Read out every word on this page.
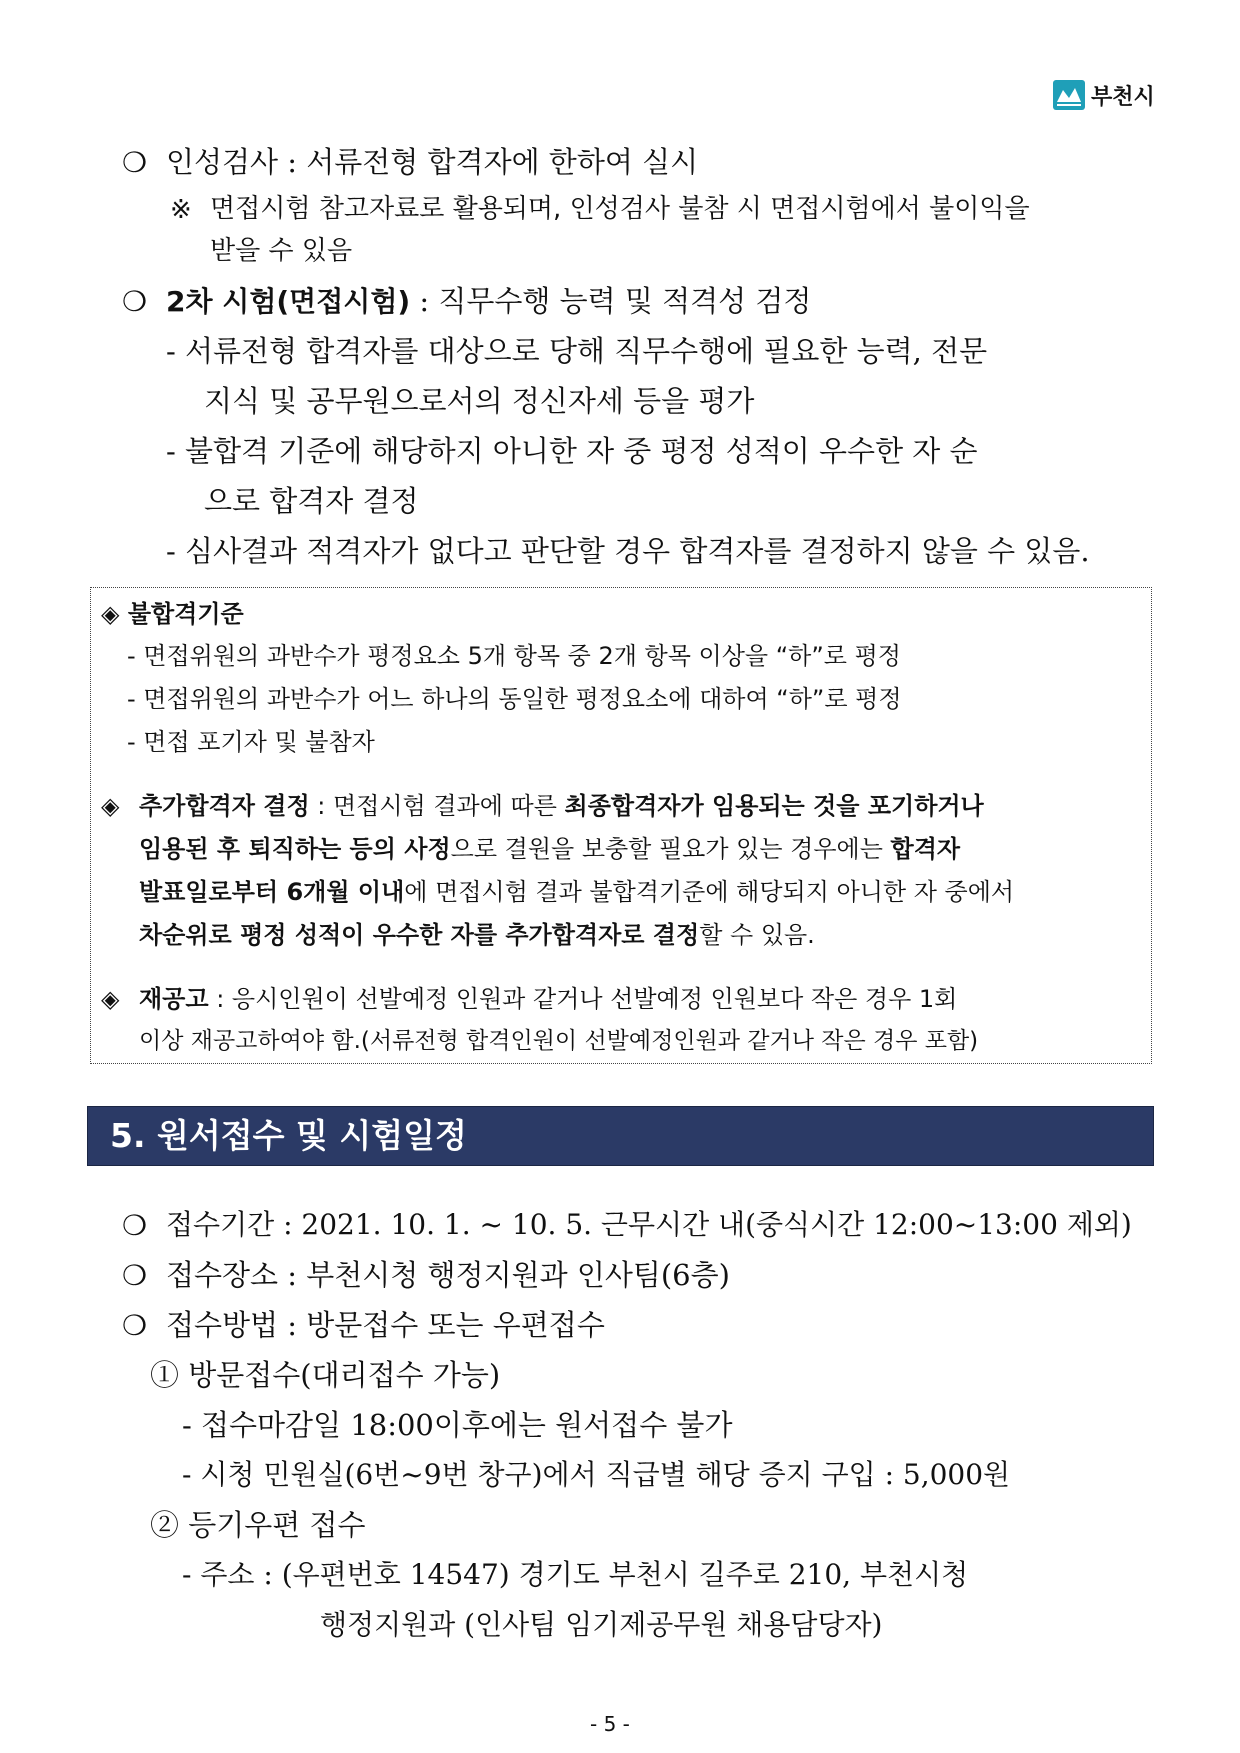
부천시
❍ 인성검사 : 서류전형 합격자에 한하여 실시
※ 면접시험 참고자료로 활용되며, 인성검사 불참 시 면접시험에서 불이익을
받을 수 있음
❍ 2차 시험(면접시험) : 직무수행 능력 및 적격성 검정
- 서류전형 합격자를 대상으로 당해 직무수행에 필요한 능력, 전문
지식 및 공무원으로서의 정신자세 등을 평가
- 불합격 기준에 해당하지 아니한 자 중 평정 성적이 우수한 자 순
으로 합격자 결정
- 심사결과 적격자가 없다고 판단할 경우 합격자를 결정하지 않을 수 있음.
◈ 불합격기준
- 면접위원의 과반수가 평정요소 5개 항목 중 2개 항목 이상을 “하”로 평정
- 면접위원의 과반수가 어느 하나의 동일한 평정요소에 대하여 “하”로 평정
- 면접 포기자 및 불참자
◈ 추가합격자 결정 : 면접시험 결과에 따른 최종합격자가 임용되는 것을 포기하거나
임용된 후 퇴직하는 등의 사정으로 결원을 보충할 필요가 있는 경우에는 합격자
발표일로부터 6개월 이내에 면접시험 결과 불합격기준에 해당되지 아니한 자 중에서
차순위로 평정 성적이 우수한 자를 추가합격자로 결정할 수 있음.
◈ 재공고 : 응시인원이 선발예정 인원과 같거나 선발예정 인원보다 작은 경우 1회
이상 재공고하여야 함.(서류전형 합격인원이 선발예정인원과 같거나 작은 경우 포함)
5. 원서접수 및 시험일정
❍ 접수기간 : 2021. 10. 1. ~ 10. 5. 근무시간 내(중식시간 12:00~13:00 제외)
❍ 접수장소 : 부천시청 행정지원과 인사팀(6층)
❍ 접수방법 : 방문접수 또는 우편접수
① 방문접수(대리접수 가능)
- 접수마감일 18:00이후에는 원서접수 불가
- 시청 민원실(6번~9번 창구)에서 직급별 해당 증지 구입 : 5,000원
② 등기우편 접수
- 주소 : (우편번호 14547) 경기도 부천시 길주로 210, 부천시청
행정지원과 (인사팀 임기제공무원 채용담당자)
- 5 -
